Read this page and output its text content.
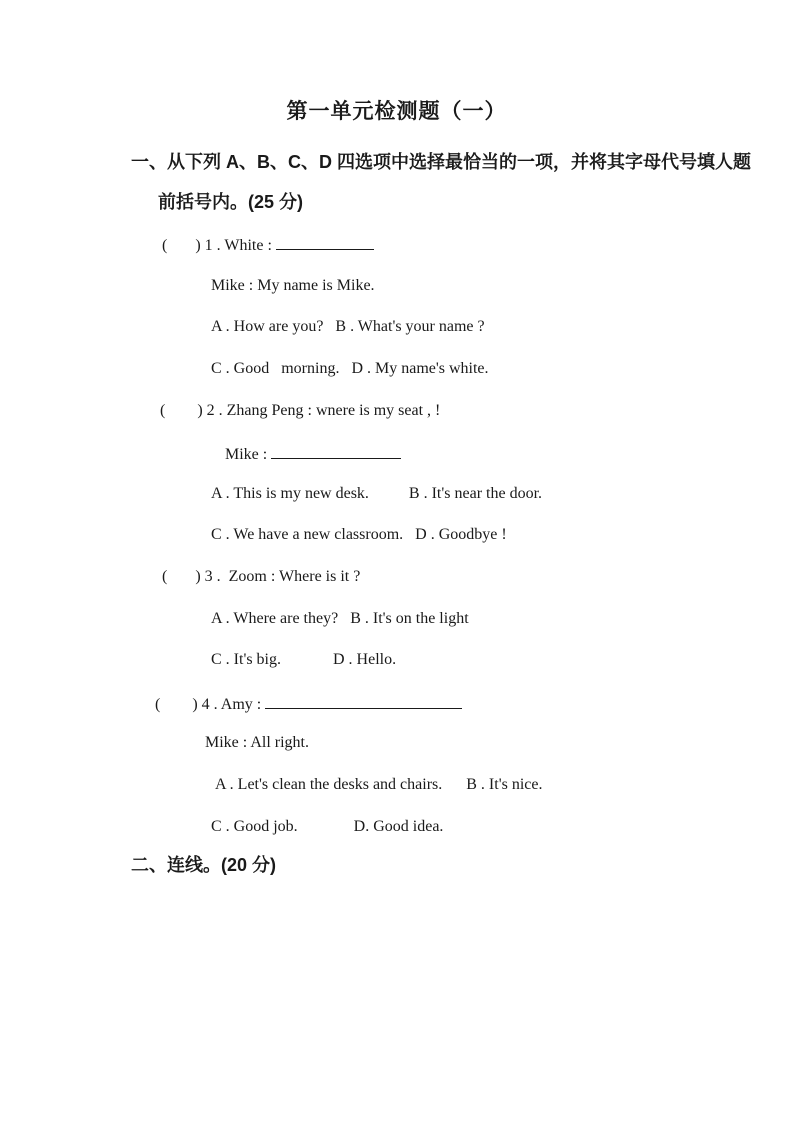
第一单元检测题（一）
一、从下列 A、B、C、D 四选项中选择最恰当的一项，并将其字母代号填人题
前括号内。(25 分)
(       ) 1 . White :
Mike : My name is Mike.
A . How are you?   B . What's your name ?
C . Good   morning.   D . My name's white.
(        ) 2 . Zhang Peng : wnere is my seat , !
Mike :
A . This is my new desk.          B . It's near the door.
C . We have a new classroom.   D . Goodbye !
(       ) 3 .  Zoom : Where is it ?
A . Where are they?   B . It's on the light
C . It's big.             D . Hello.
(        ) 4 . Amy :
Mike : All right.
A . Let's clean the desks and chairs.      B . It's nice.
C . Good job.              D. Good idea.
二、连线。(20 分)
